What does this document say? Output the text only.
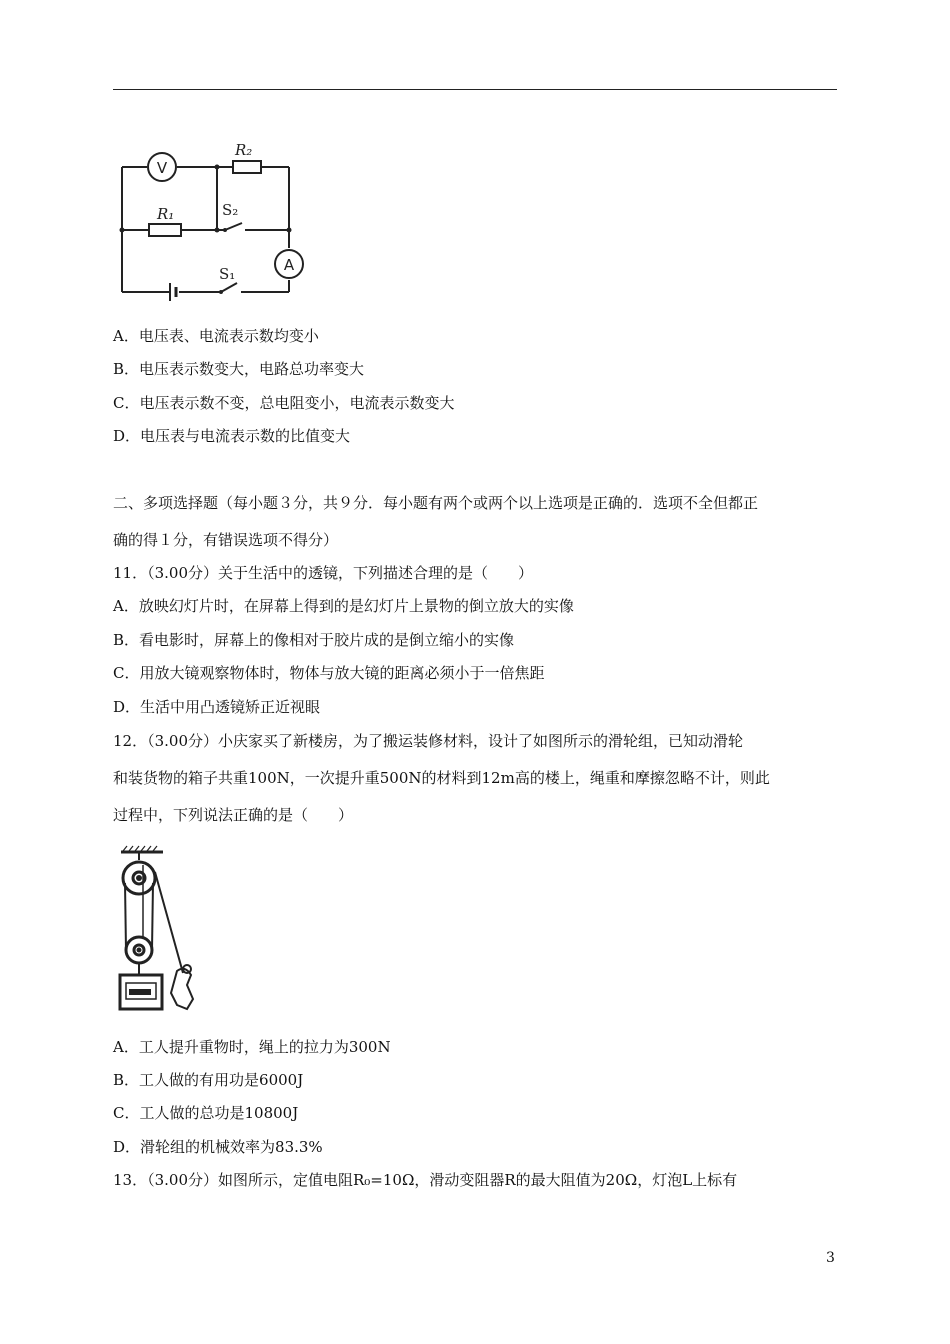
V
A
R₂
R₁	S₂
S₁
A．电压表、电流表示数均变小
B．电压表示数变大，电路总功率变大
C．电压表示数不变，总电阻变小，电流表示数变大
D．电压表与电流表示数的比值变大
二、多项选择题（每小题３分，共９分．每小题有两个或两个以上选项是正确的．选项不全但都正
确的得１分，有错误选项不得分）
11．（3.00分）关于生活中的透镜，下列描述合理的是（　　）
A．放映幻灯片时，在屏幕上得到的是幻灯片上景物的倒立放大的实像
B．看电影时，屏幕上的像相对于胶片成的是倒立缩小的实像
C．用放大镜观察物体时，物体与放大镜的距离必须小于一倍焦距
D．生活中用凸透镜矫正近视眼
12．（3.00分）小庆家买了新楼房，为了搬运装修材料，设计了如图所示的滑轮组，已知动滑轮
和装货物的箱子共重100N，一次提升重500N的材料到12m高的楼上，绳重和摩擦忽略不计，则此
过程中，下列说法正确的是（　　）
A．工人提升重物时，绳上的拉力为300N
B．工人做的有用功是6000J
C．工人做的总功是10800J
D．滑轮组的机械效率为83.3%
13．（3.00分）如图所示，定值电阻R₀=10Ω，滑动变阻器R的最大阻值为20Ω，灯泡L上标有
3
